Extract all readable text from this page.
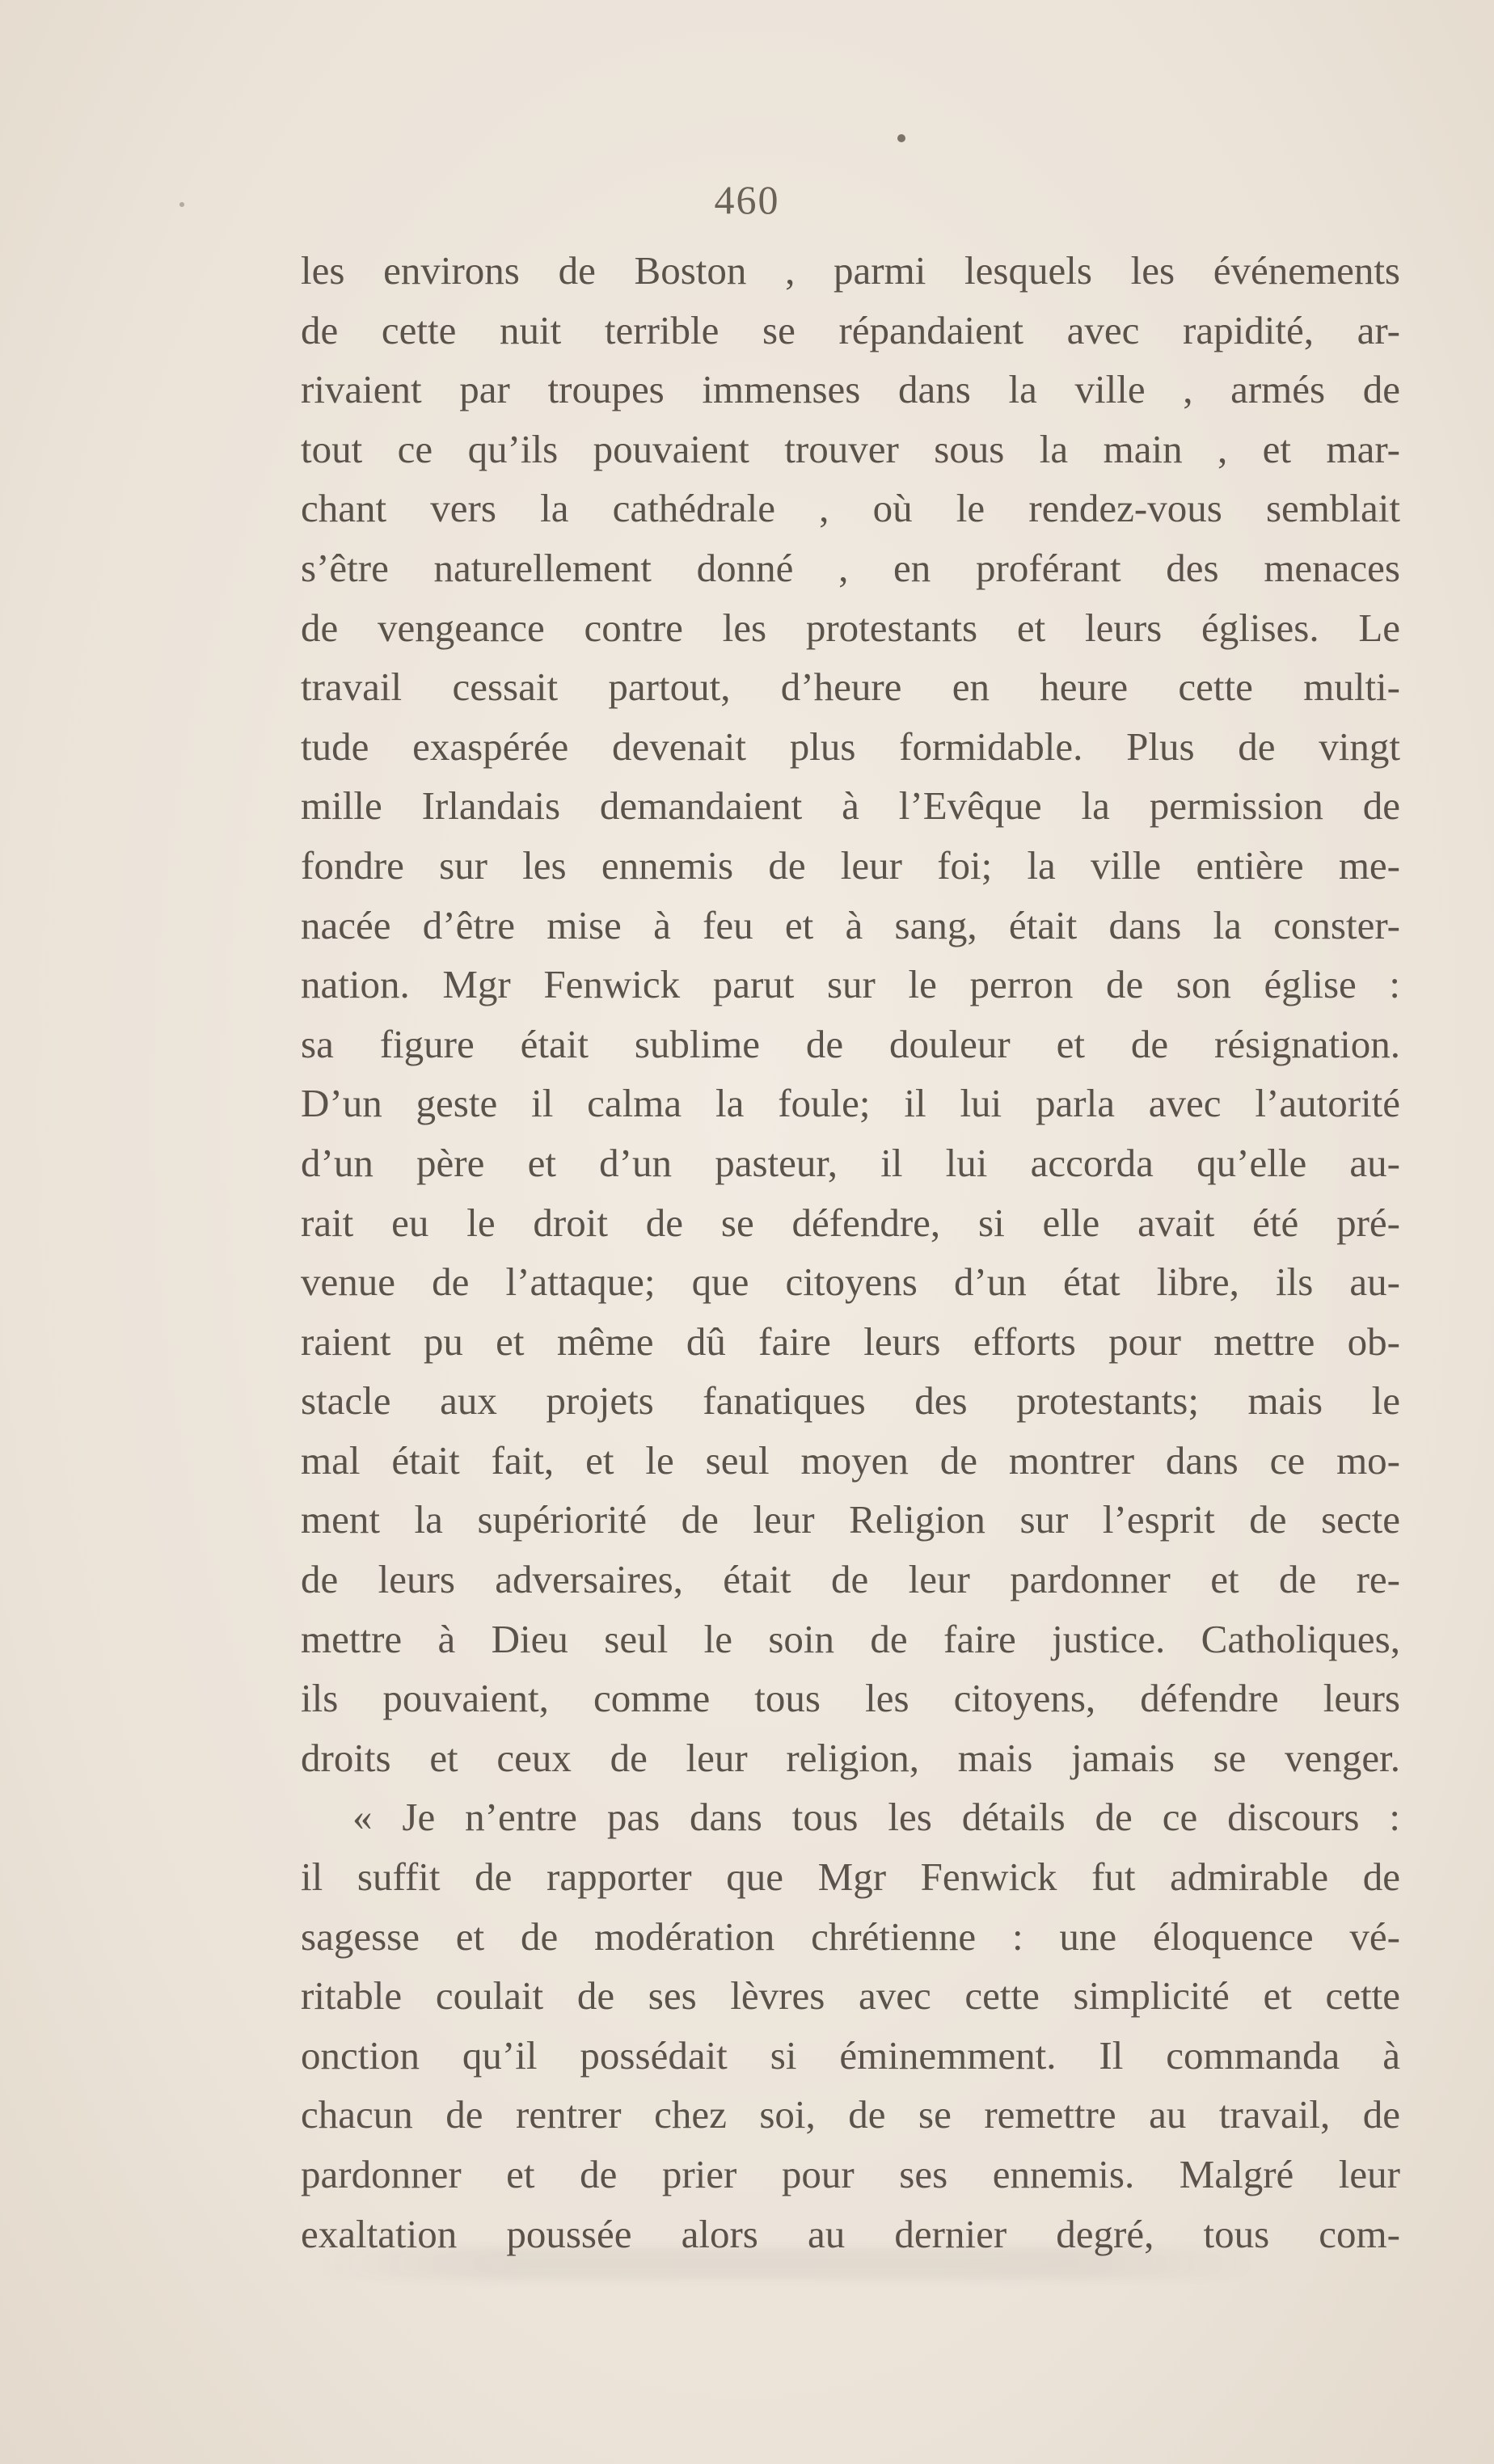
460
les environs de Boston , parmi lesquels les événements
de cette nuit terrible se répandaient avec rapidité, ar-
rivaient par troupes immenses dans la ville , armés de
tout ce qu’ils pouvaient trouver sous la main , et mar-
chant vers la cathédrale , où le rendez-vous semblait
s’être naturellement donné , en proférant des menaces
de vengeance contre les protestants et leurs églises. Le
travail cessait partout, d’heure en heure cette multi-
tude exaspérée devenait plus formidable. Plus de vingt
mille Irlandais demandaient à l’Evêque la permission de
fondre sur les ennemis de leur foi; la ville entière me-
nacée d’être mise à feu et à sang, était dans la conster-
nation. Mgr Fenwick parut sur le perron de son église :
sa figure était sublime de douleur et de résignation.
D’un geste il calma la foule; il lui parla avec l’autorité
d’un père et d’un pasteur, il lui accorda qu’elle au-
rait eu le droit de se défendre, si elle avait été pré-
venue de l’attaque; que citoyens d’un état libre, ils au-
raient pu et même dû faire leurs efforts pour mettre ob-
stacle aux projets fanatiques des protestants; mais le
mal était fait, et le seul moyen de montrer dans ce mo-
ment la supériorité de leur Religion sur l’esprit de secte
de leurs adversaires, était de leur pardonner et de re-
mettre à Dieu seul le soin de faire justice. Catholiques,
ils pouvaient, comme tous les citoyens, défendre leurs
droits et ceux de leur religion, mais jamais se venger.
« Je n’entre pas dans tous les détails de ce discours :
il suffit de rapporter que Mgr Fenwick fut admirable de
sagesse et de modération chrétienne : une éloquence vé-
ritable coulait de ses lèvres avec cette simplicité et cette
onction qu’il possédait si éminemment. Il commanda à
chacun de rentrer chez soi, de se remettre au travail, de
pardonner et de prier pour ses ennemis. Malgré leur
exaltation poussée alors au dernier degré, tous com-
